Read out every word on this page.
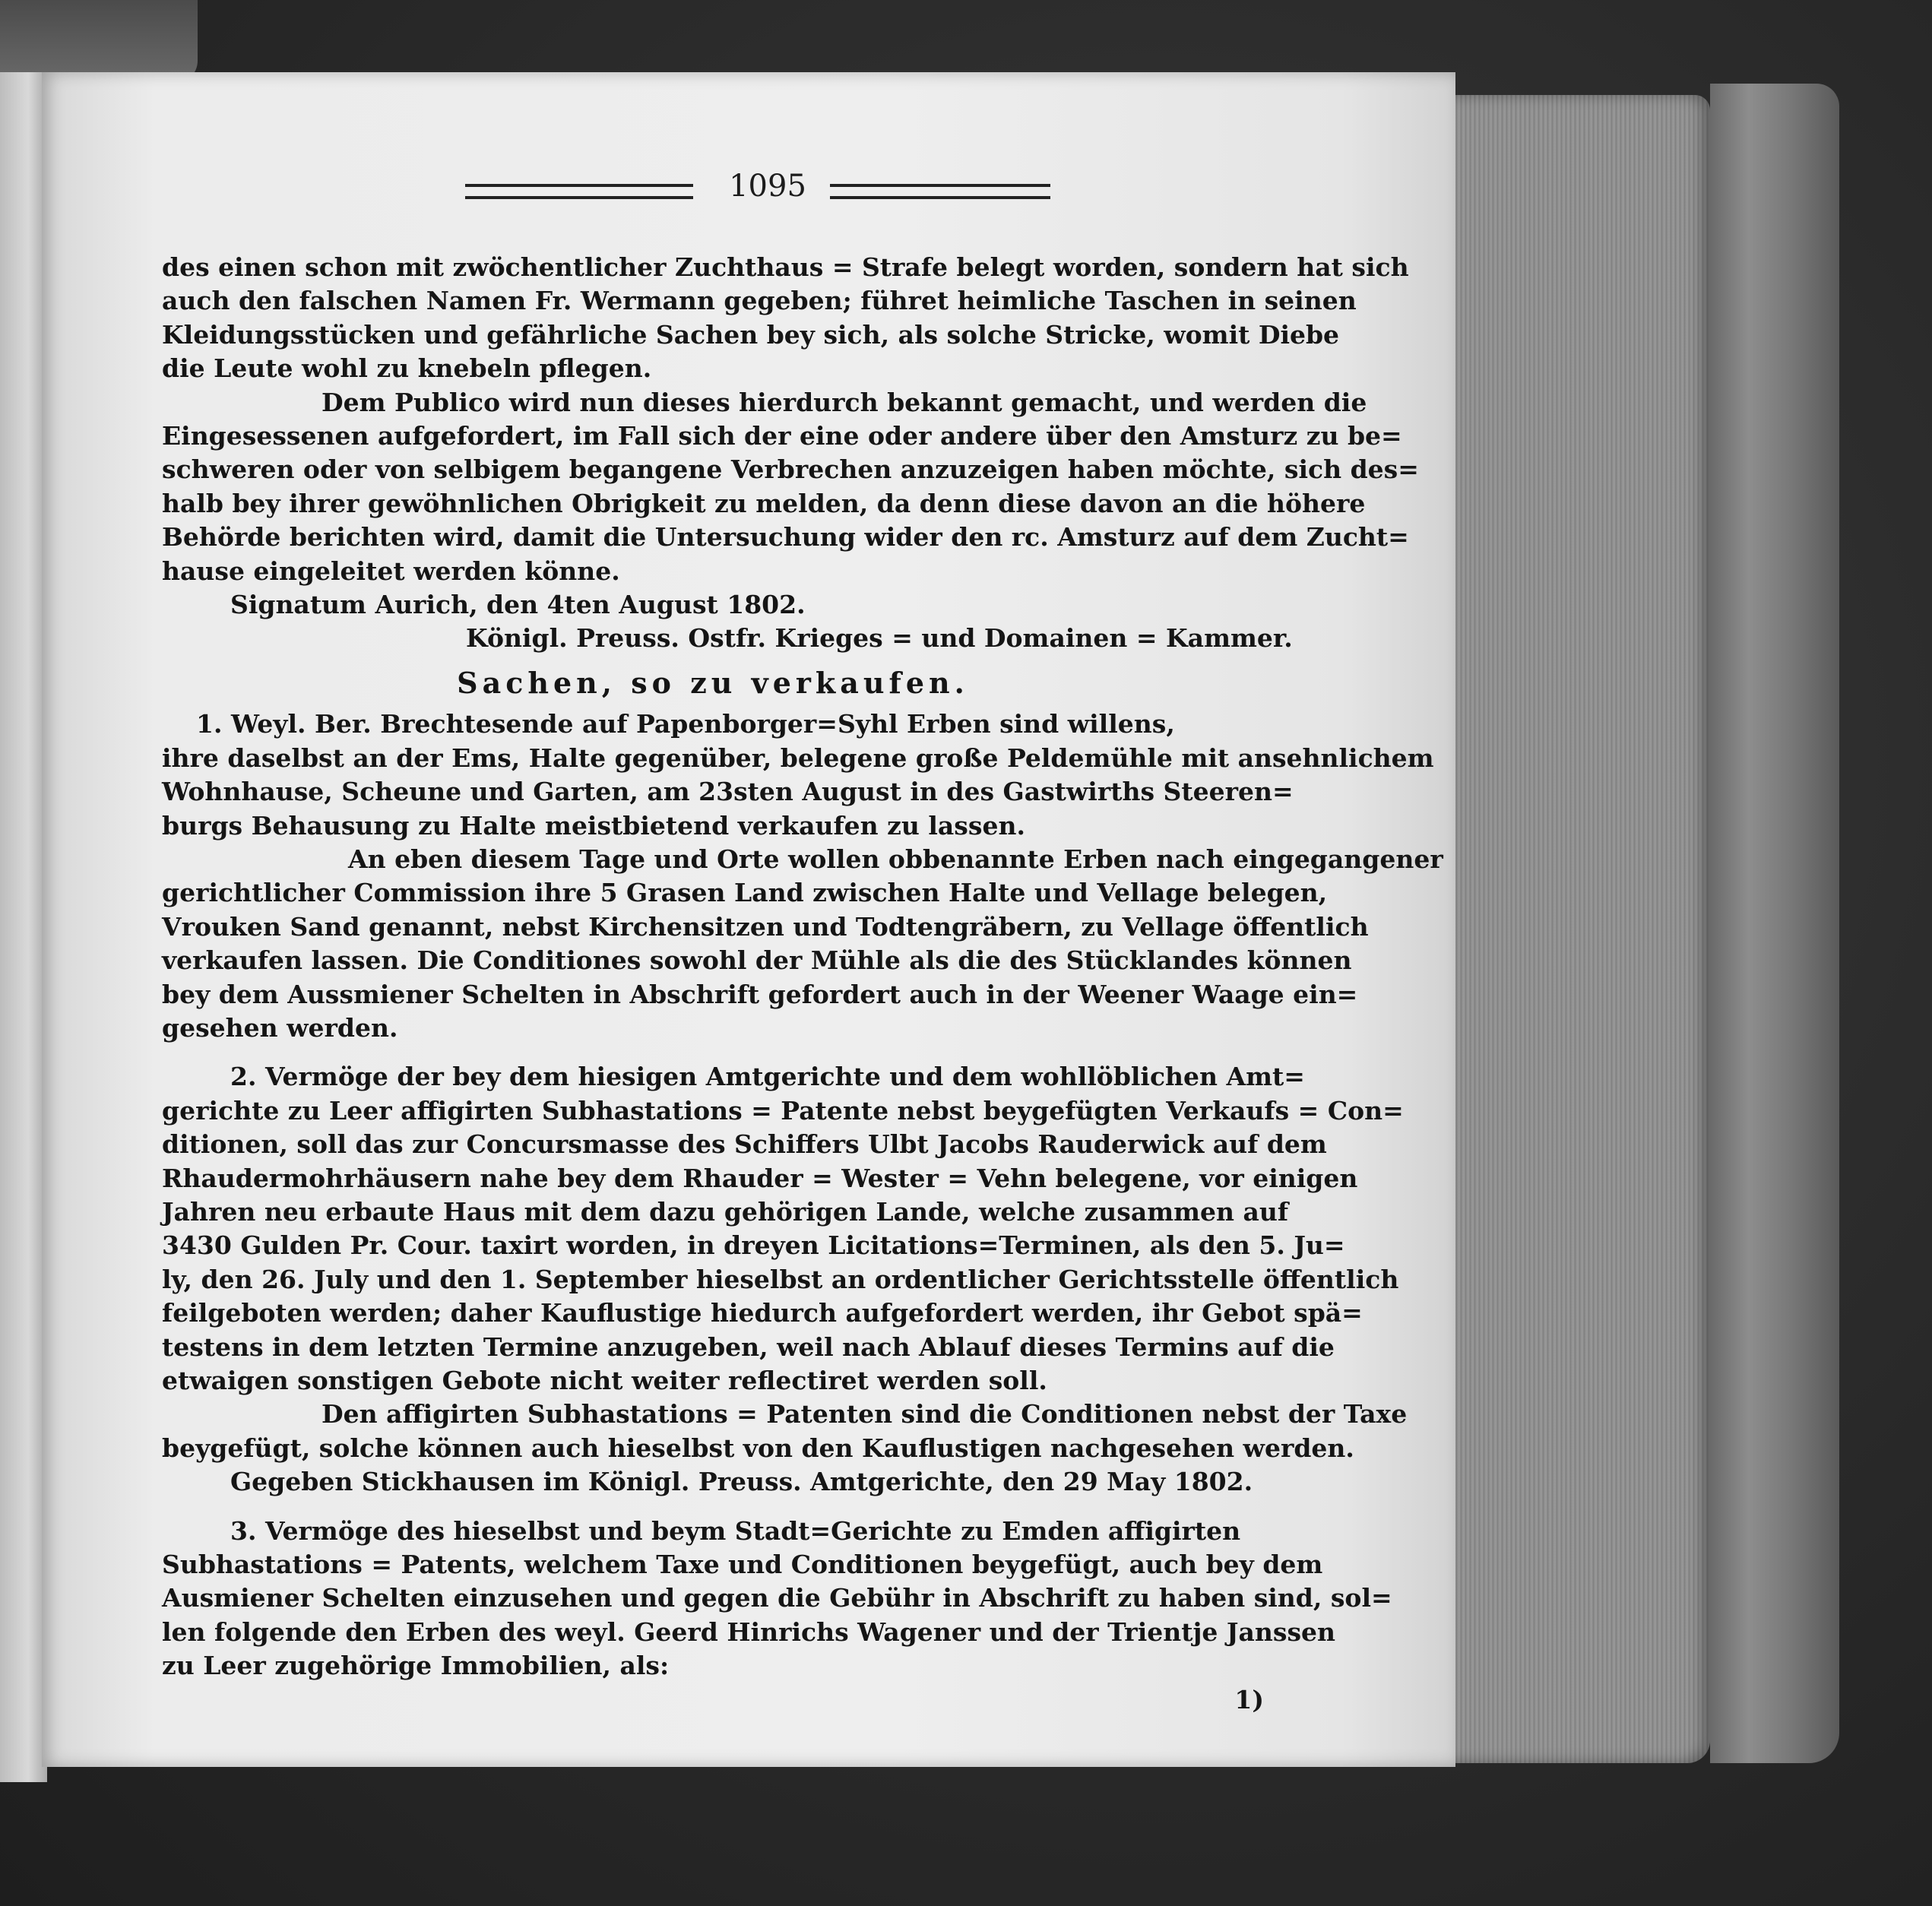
1095
des einen schon mit zwöchentlicher Zuchthaus = Strafe belegt worden, sondern hat sich
auch den falschen Namen Fr. Wermann gegeben; führet heimliche Taschen in seinen
Kleidungsstücken und gefährliche Sachen bey sich, als solche Stricke, womit Diebe
die Leute wohl zu knebeln pflegen.
Dem Publico wird nun dieses hierdurch bekannt gemacht, und werden die
Eingesessenen aufgefordert, im Fall sich der eine oder andere über den Amsturz zu be=
schweren oder von selbigem begangene Verbrechen anzuzeigen haben möchte, sich des=
halb bey ihrer gewöhnlichen Obrigkeit zu melden, da denn diese davon an die höhere
Behörde berichten wird, damit die Untersuchung wider den rc. Amsturz auf dem Zucht=
hause eingeleitet werden könne.
Signatum Aurich, den 4ten August 1802.
Königl. Preuss. Ostfr. Krieges = und Domainen = Kammer.
Sachen, so zu verkaufen.
1. Weyl. Ber. Brechtesende auf Papenborger=Syhl Erben sind willens,
ihre daselbst an der Ems, Halte gegenüber, belegene große Peldemühle mit ansehnlichem
Wohnhause, Scheune und Garten, am 23sten August in des Gastwirths Steeren=
burgs Behausung zu Halte meistbietend verkaufen zu lassen.
An eben diesem Tage und Orte wollen obbenannte Erben nach eingegangener
gerichtlicher Commission ihre 5 Grasen Land zwischen Halte und Vellage belegen,
Vrouken Sand genannt, nebst Kirchensitzen und Todtengräbern, zu Vellage öffentlich
verkaufen lassen. Die Conditiones sowohl der Mühle als die des Stücklandes können
bey dem Aussmiener Schelten in Abschrift gefordert auch in der Weener Waage ein=
gesehen werden.
2. Vermöge der bey dem hiesigen Amtgerichte und dem wohllöblichen Amt=
gerichte zu Leer affigirten Subhastations = Patente nebst beygefügten Verkaufs = Con=
ditionen, soll das zur Concursmasse des Schiffers Ulbt Jacobs Rauderwick auf dem
Rhaudermohrhäusern nahe bey dem Rhauder = Wester = Vehn belegene, vor einigen
Jahren neu erbaute Haus mit dem dazu gehörigen Lande, welche zusammen auf
3430 Gulden Pr. Cour. taxirt worden, in dreyen Licitations=Terminen, als den 5. Ju=
ly, den 26. July und den 1. September hieselbst an ordentlicher Gerichtsstelle öffentlich
feilgeboten werden; daher Kauflustige hiedurch aufgefordert werden, ihr Gebot spä=
testens in dem letzten Termine anzugeben, weil nach Ablauf dieses Termins auf die
etwaigen sonstigen Gebote nicht weiter reflectiret werden soll.
Den affigirten Subhastations = Patenten sind die Conditionen nebst der Taxe
beygefügt, solche können auch hieselbst von den Kauflustigen nachgesehen werden.
Gegeben Stickhausen im Königl. Preuss. Amtgerichte, den 29 May 1802.
3. Vermöge des hieselbst und beym Stadt=Gerichte zu Emden affigirten
Subhastations = Patents, welchem Taxe und Conditionen beygefügt, auch bey dem
Ausmiener Schelten einzusehen und gegen die Gebühr in Abschrift zu haben sind, sol=
len folgende den Erben des weyl. Geerd Hinrichs Wagener und der Trientje Janssen
zu Leer zugehörige Immobilien, als:
1)
